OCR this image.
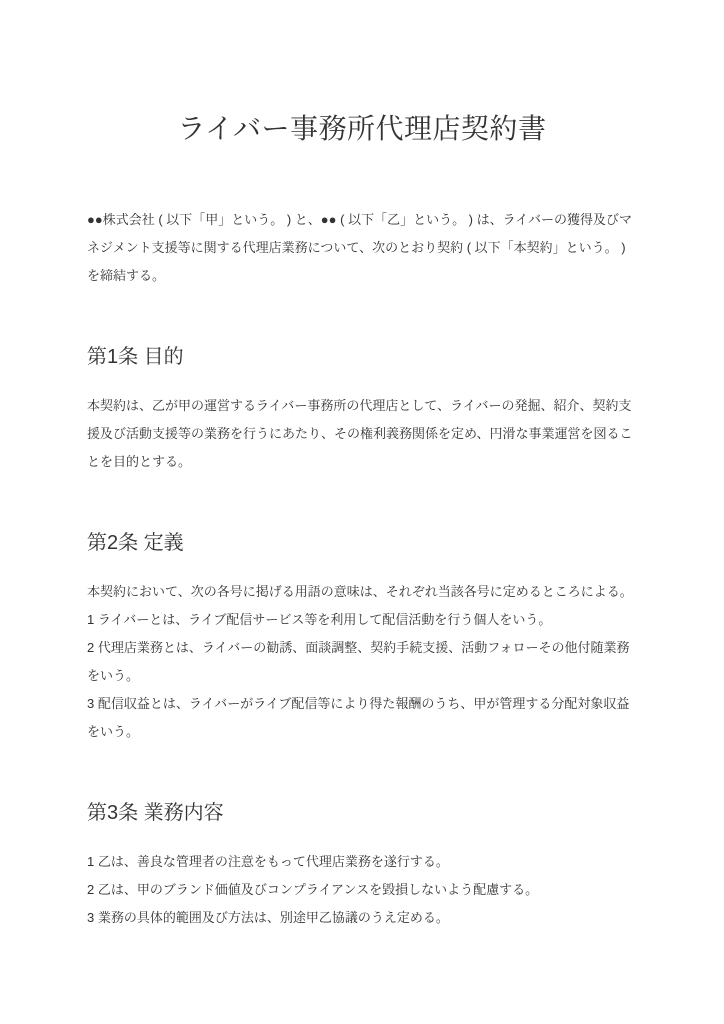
ライバー事務所代理店契約書

●●株式会社 ( 以下「甲」という。 ) と、●● ( 以下「乙」という。 ) は、ライバーの獲得及びマネジメント支援等に関する代理店業務について、次のとおり契約 ( 以下「本契約」という。 ) を締結する。

第1条 目的

本契約は、乙が甲の運営するライバー事務所の代理店として、ライバーの発掘、紹介、契約支援及び活動支援等の業務を行うにあたり、その権利義務関係を定め、円滑な事業運営を図ることを目的とする。

第2条 定義

本契約において、次の各号に掲げる用語の意味は、それぞれ当該各号に定めるところによる。

1 ライバーとは、ライブ配信サービス等を利用して配信活動を行う個人をいう。

2 代理店業務とは、ライバーの勧誘、面談調整、契約手続支援、活動フォローその他付随業務をいう。

3 配信収益とは、ライバーがライブ配信等により得た報酬のうち、甲が管理する分配対象収益をいう。

第3条 業務内容

1 乙は、善良な管理者の注意をもって代理店業務を遂行する。

2 乙は、甲のブランド価値及びコンプライアンスを毀損しないよう配慮する。

3 業務の具体的範囲及び方法は、別途甲乙協議のうえ定める。
